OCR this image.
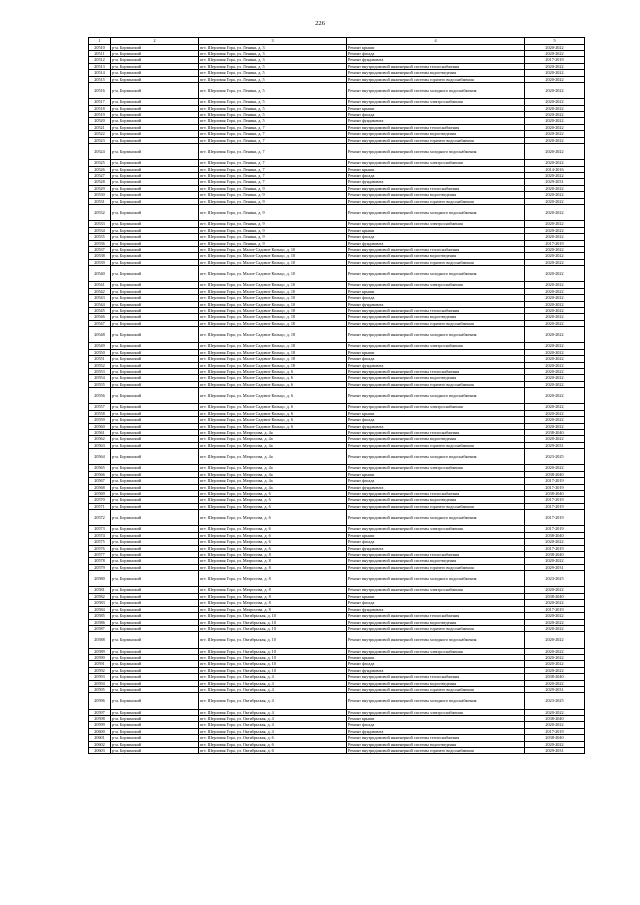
226
1	2	3	4	5
20510	р-н. Борзинский	пгт. Шерловая Гора, ул. Ленина, д. 3	Ремонт крыши	2020-2022
20511	р-н. Борзинский	пгт. Шерловая Гора, ул. Ленина, д. 3	Ремонт фасада	2020-2022
20512	р-н. Борзинский	пгт. Шерловая Гора, ул. Ленина, д. 3	Ремонт фундамента	2017-2019
20513	р-н. Борзинский	пгт. Шерловая Гора, ул. Ленина, д. 5	Ремонт внутридомовой инженерной системы теплоснабжения	2020-2022
20514	р-н. Борзинский	пгт. Шерловая Гора, ул. Ленина, д. 5	Ремонт внутридомовой инженерной системы водоотведения	2020-2022
20515	р-н. Борзинский	пгт. Шерловая Гора, ул. Ленина, д. 5	Ремонт внутридомовой инженерной системы горячего водоснабжения	2020-2022
20516	р-н. Борзинский	пгт. Шерловая Гора, ул. Ленина, д. 5	Ремонт внутридомовой инженерной системы холодного водоснабжения	2020-2022
20517	р-н. Борзинский	пгт. Шерловая Гора, ул. Ленина, д. 5	Ремонт внутридомовой инженерной системы электроснабжения	2020-2022
20518	р-н. Борзинский	пгт. Шерловая Гора, ул. Ленина, д. 5	Ремонт крыши	2020-2022
20519	р-н. Борзинский	пгт. Шерловая Гора, ул. Ленина, д. 5	Ремонт фасада	2020-2022
20520	р-н. Борзинский	пгт. Шерловая Гора, ул. Ленина, д. 5	Ремонт фундамента	2020-2022
20521	р-н. Борзинский	пгт. Шерловая Гора, ул. Ленина, д. 7	Ремонт внутридомовой инженерной системы теплоснабжения	2020-2022
20522	р-н. Борзинский	пгт. Шерловая Гора, ул. Ленина, д. 7	Ремонт внутридомовой инженерной системы водоотведения	2020-2022
20523	р-н. Борзинский	пгт. Шерловая Гора, ул. Ленина, д. 7	Ремонт внутридомовой инженерной системы горячего водоснабжения	2020-2022
20524	р-н. Борзинский	пгт. Шерловая Гора, ул. Ленина, д. 7	Ремонт внутридомовой инженерной системы холодного водоснабжения	2020-2022
20525	р-н. Борзинский	пгт. Шерловая Гора, ул. Ленина, д. 7	Ремонт внутридомовой инженерной системы электроснабжения	2020-2022
20526	р-н. Борзинский	пгт. Шерловая Гора, ул. Ленина, д. 7	Ремонт крыши	2014-2016
20527	р-н. Борзинский	пгт. Шерловая Гора, ул. Ленина, д. 7	Ремонт фасада	2020-2022
20528	р-н. Борзинский	пгт. Шерловая Гора, ул. Ленина, д. 7	Ремонт фундамента	2029-2031
20529	р-н. Борзинский	пгт. Шерловая Гора, ул. Ленина, д. 9	Ремонт внутридомовой инженерной системы теплоснабжения	2020-2022
20530	р-н. Борзинский	пгт. Шерловая Гора, ул. Ленина, д. 9	Ремонт внутридомовой инженерной системы водоотведения	2020-2022
20531	р-н. Борзинский	пгт. Шерловая Гора, ул. Ленина, д. 9	Ремонт внутридомовой инженерной системы горячего водоснабжения	2020-2022
20532	р-н. Борзинский	пгт. Шерловая Гора, ул. Ленина, д. 9	Ремонт внутридомовой инженерной системы холодного водоснабжения	2020-2022
20533	р-н. Борзинский	пгт. Шерловая Гора, ул. Ленина, д. 9	Ремонт внутридомовой инженерной системы электроснабжения	2020-2022
20534	р-н. Борзинский	пгт. Шерловая Гора, ул. Ленина, д. 9	Ремонт крыши	2020-2022
20535	р-н. Борзинский	пгт. Шерловая Гора, ул. Ленина, д. 9	Ремонт фасада	2020-2022
20536	р-н. Борзинский	пгт. Шерловая Гора, ул. Ленина, д. 9	Ремонт фундамента	2017-2019
20537	р-н. Борзинский	пгт. Шерловая Гора, ул. Малое Садовое Кольцо, д. 10	Ремонт внутридомовой инженерной системы теплоснабжения	2020-2022
20538	р-н. Борзинский	пгт. Шерловая Гора, ул. Малое Садовое Кольцо, д. 10	Ремонт внутридомовой инженерной системы водоотведения	2020-2022
20539	р-н. Борзинский	пгт. Шерловая Гора, ул. Малое Садовое Кольцо, д. 10	Ремонт внутридомовой инженерной системы горячего водоснабжения	2020-2022
20540	р-н. Борзинский	пгт. Шерловая Гора, ул. Малое Садовое Кольцо, д. 10	Ремонт внутридомовой инженерной системы холодного водоснабжения	2020-2022
20541	р-н. Борзинский	пгт. Шерловая Гора, ул. Малое Садовое Кольцо, д. 10	Ремонт внутридомовой инженерной системы электроснабжения	2020-2022
20542	р-н. Борзинский	пгт. Шерловая Гора, ул. Малое Садовое Кольцо, д. 10	Ремонт крыши	2020-2022
20543	р-н. Борзинский	пгт. Шерловая Гора, ул. Малое Садовое Кольцо, д. 10	Ремонт фасада	2020-2022
20544	р-н. Борзинский	пгт. Шерловая Гора, ул. Малое Садовое Кольцо, д. 10	Ремонт фундамента	2020-2022
20545	р-н. Борзинский	пгт. Шерловая Гора, ул. Малое Садовое Кольцо, д. 18	Ремонт внутридомовой инженерной системы теплоснабжения	2020-2022
20546	р-н. Борзинский	пгт. Шерловая Гора, ул. Малое Садовое Кольцо, д. 18	Ремонт внутридомовой инженерной системы водоотведения	2020-2022
20547	р-н. Борзинский	пгт. Шерловая Гора, ул. Малое Садовое Кольцо, д. 18	Ремонт внутридомовой инженерной системы горячего водоснабжения	2020-2022
20548	р-н. Борзинский	пгт. Шерловая Гора, ул. Малое Садовое Кольцо, д. 18	Ремонт внутридомовой инженерной системы холодного водоснабжения	2020-2022
20549	р-н. Борзинский	пгт. Шерловая Гора, ул. Малое Садовое Кольцо, д. 18	Ремонт внутридомовой инженерной системы электроснабжения	2020-2022
20550	р-н. Борзинский	пгт. Шерловая Гора, ул. Малое Садовое Кольцо, д. 18	Ремонт крыши	2020-2022
20551	р-н. Борзинский	пгт. Шерловая Гора, ул. Малое Садовое Кольцо, д. 18	Ремонт фасада	2020-2022
20552	р-н. Борзинский	пгт. Шерловая Гора, ул. Малое Садовое Кольцо, д. 18	Ремонт фундамента	2020-2022
20553	р-н. Борзинский	пгт. Шерловая Гора, ул. Малое Садовое Кольцо, д. 6	Ремонт внутридомовой инженерной системы теплоснабжения	2020-2022
20554	р-н. Борзинский	пгт. Шерловая Гора, ул. Малое Садовое Кольцо, д. 6	Ремонт внутридомовой инженерной системы водоотведения	2020-2022
20555	р-н. Борзинский	пгт. Шерловая Гора, ул. Малое Садовое Кольцо, д. 6	Ремонт внутридомовой инженерной системы горячего водоснабжения	2020-2022
20556	р-н. Борзинский	пгт. Шерловая Гора, ул. Малое Садовое Кольцо, д. 6	Ремонт внутридомовой инженерной системы холодного водоснабжения	2020-2022
20557	р-н. Борзинский	пгт. Шерловая Гора, ул. Малое Садовое Кольцо, д. 6	Ремонт внутридомовой инженерной системы электроснабжения	2020-2022
20558	р-н. Борзинский	пгт. Шерловая Гора, ул. Малое Садовое Кольцо, д. 6	Ремонт крыши	2020-2022
20559	р-н. Борзинский	пгт. Шерловая Гора, ул. Малое Садовое Кольцо, д. 6	Ремонт фасада	2020-2022
20560	р-н. Борзинский	пгт. Шерловая Гора, ул. Малое Садовое Кольцо, д. 6	Ремонт фундамента	2020-2022
20561	р-н. Борзинский	пгт. Шерловая Гора, ул. Матросова, д. 4а	Ремонт внутридомовой инженерной системы теплоснабжения	2038-2040
20562	р-н. Борзинский	пгт. Шерловая Гора, ул. Матросова, д. 4а	Ремонт внутридомовой инженерной системы водоотведения	2020-2022
20563	р-н. Борзинский	пгт. Шерловая Гора, ул. Матросова, д. 4а	Ремонт внутридомовой инженерной системы горячего водоснабжения	2029-2031
20564	р-н. Борзинский	пгт. Шерловая Гора, ул. Матросова, д. 4а	Ремонт внутридомовой инженерной системы холодного водоснабжения	2023-2025
20565	р-н. Борзинский	пгт. Шерловая Гора, ул. Матросова, д. 4а	Ремонт внутридомовой инженерной системы электроснабжения	2020-2022
20566	р-н. Борзинский	пгт. Шерловая Гора, ул. Матросова, д. 4а	Ремонт крыши	2038-2040
20567	р-н. Борзинский	пгт. Шерловая Гора, ул. Матросова, д. 4а	Ремонт фасада	2017-2019
20568	р-н. Борзинский	пгт. Шерловая Гора, ул. Матросова, д. 4а	Ремонт фундамента	2017-2019
20569	р-н. Борзинский	пгт. Шерловая Гора, ул. Матросова, д. 6	Ремонт внутридомовой инженерной системы теплоснабжения	2038-2040
20570	р-н. Борзинский	пгт. Шерловая Гора, ул. Матросова, д. 6	Ремонт внутридомовой инженерной системы водоотведения	2017-2019
20571	р-н. Борзинский	пгт. Шерловая Гора, ул. Матросова, д. 6	Ремонт внутридомовой инженерной системы горячего водоснабжения	2017-2019
20572	р-н. Борзинский	пгт. Шерловая Гора, ул. Матросова, д. 6	Ремонт внутридомовой инженерной системы холодного водоснабжения	2017-2019
20573	р-н. Борзинский	пгт. Шерловая Гора, ул. Матросова, д. 6	Ремонт внутридомовой инженерной системы электроснабжения	2017-2019
20574	р-н. Борзинский	пгт. Шерловая Гора, ул. Матросова, д. 6	Ремонт крыши	2038-2040
20575	р-н. Борзинский	пгт. Шерловая Гора, ул. Матросова, д. 6	Ремонт фасада	2020-2022
20576	р-н. Борзинский	пгт. Шерловая Гора, ул. Матросова, д. 6	Ремонт фундамента	2017-2019
20577	р-н. Борзинский	пгт. Шерловая Гора, ул. Матросова, д. 8	Ремонт внутридомовой инженерной системы теплоснабжения	2038-2040
20578	р-н. Борзинский	пгт. Шерловая Гора, ул. Матросова, д. 8	Ремонт внутридомовой инженерной системы водоотведения	2020-2022
20579	р-н. Борзинский	пгт. Шерловая Гора, ул. Матросова, д. 8	Ремонт внутридомовой инженерной системы горячего водоснабжения	2029-2031
20580	р-н. Борзинский	пгт. Шерловая Гора, ул. Матросова, д. 8	Ремонт внутридомовой инженерной системы холодного водоснабжения	2023-2025
20581	р-н. Борзинский	пгт. Шерловая Гора, ул. Матросова, д. 8	Ремонт внутридомовой инженерной системы электроснабжения	2020-2022
20582	р-н. Борзинский	пгт. Шерловая Гора, ул. Матросова, д. 8	Ремонт крыши	2038-2040
20583	р-н. Борзинский	пгт. Шерловая Гора, ул. Матросова, д. 8	Ремонт фасада	2020-2022
20584	р-н. Борзинский	пгт. Шерловая Гора, ул. Матросова, д. 8	Ремонт фундамента	2017-2019
20585	р-н. Борзинский	пгт. Шерловая Гора, ул. Октябрьская, д. 10	Ремонт внутридомовой инженерной системы теплоснабжения	2020-2022
20586	р-н. Борзинский	пгт. Шерловая Гора, ул. Октябрьская, д. 10	Ремонт внутридомовой инженерной системы водоотведения	2020-2022
20587	р-н. Борзинский	пгт. Шерловая Гора, ул. Октябрьская, д. 10	Ремонт внутридомовой инженерной системы горячего водоснабжения	2020-2022
20588	р-н. Борзинский	пгт. Шерловая Гора, ул. Октябрьская, д. 10	Ремонт внутридомовой инженерной системы холодного водоснабжения	2020-2022
20589	р-н. Борзинский	пгт. Шерловая Гора, ул. Октябрьская, д. 10	Ремонт внутридомовой инженерной системы электроснабжения	2020-2022
20590	р-н. Борзинский	пгт. Шерловая Гора, ул. Октябрьская, д. 10	Ремонт крыши	2020-2022
20591	р-н. Борзинский	пгт. Шерловая Гора, ул. Октябрьская, д. 10	Ремонт фасада	2020-2022
20592	р-н. Борзинский	пгт. Шерловая Гора, ул. Октябрьская, д. 10	Ремонт фундамента	2020-2022
20593	р-н. Борзинский	пгт. Шерловая Гора, ул. Октябрьская, д. 4	Ремонт внутридомовой инженерной системы теплоснабжения	2038-2040
20594	р-н. Борзинский	пгт. Шерловая Гора, ул. Октябрьская, д. 4	Ремонт внутридомовой инженерной системы водоотведения	2020-2022
20595	р-н. Борзинский	пгт. Шерловая Гора, ул. Октябрьская, д. 4	Ремонт внутридомовой инженерной системы горячего водоснабжения	2029-2031
20596	р-н. Борзинский	пгт. Шерловая Гора, ул. Октябрьская, д. 4	Ремонт внутридомовой инженерной системы холодного водоснабжения	2023-2025
20597	р-н. Борзинский	пгт. Шерловая Гора, ул. Октябрьская, д. 4	Ремонт внутридомовой инженерной системы электроснабжения	2020-2022
20598	р-н. Борзинский	пгт. Шерловая Гора, ул. Октябрьская, д. 4	Ремонт крыши	2038-2040
20599	р-н. Борзинский	пгт. Шерловая Гора, ул. Октябрьская, д. 4	Ремонт фасада	2020-2022
20600	р-н. Борзинский	пгт. Шерловая Гора, ул. Октябрьская, д. 4	Ремонт фундамента	2017-2019
20601	р-н. Борзинский	пгт. Шерловая Гора, ул. Октябрьская, д. 6	Ремонт внутридомовой инженерной системы теплоснабжения	2038-2040
20602	р-н. Борзинский	пгт. Шерловая Гора, ул. Октябрьская, д. 6	Ремонт внутридомовой инженерной системы водоотведения	2020-2022
20603	р-н. Борзинский	пгт. Шерловая Гора, ул. Октябрьская, д. 6	Ремонт внутридомовой инженерной системы горячего водоснабжения	2029-2031
